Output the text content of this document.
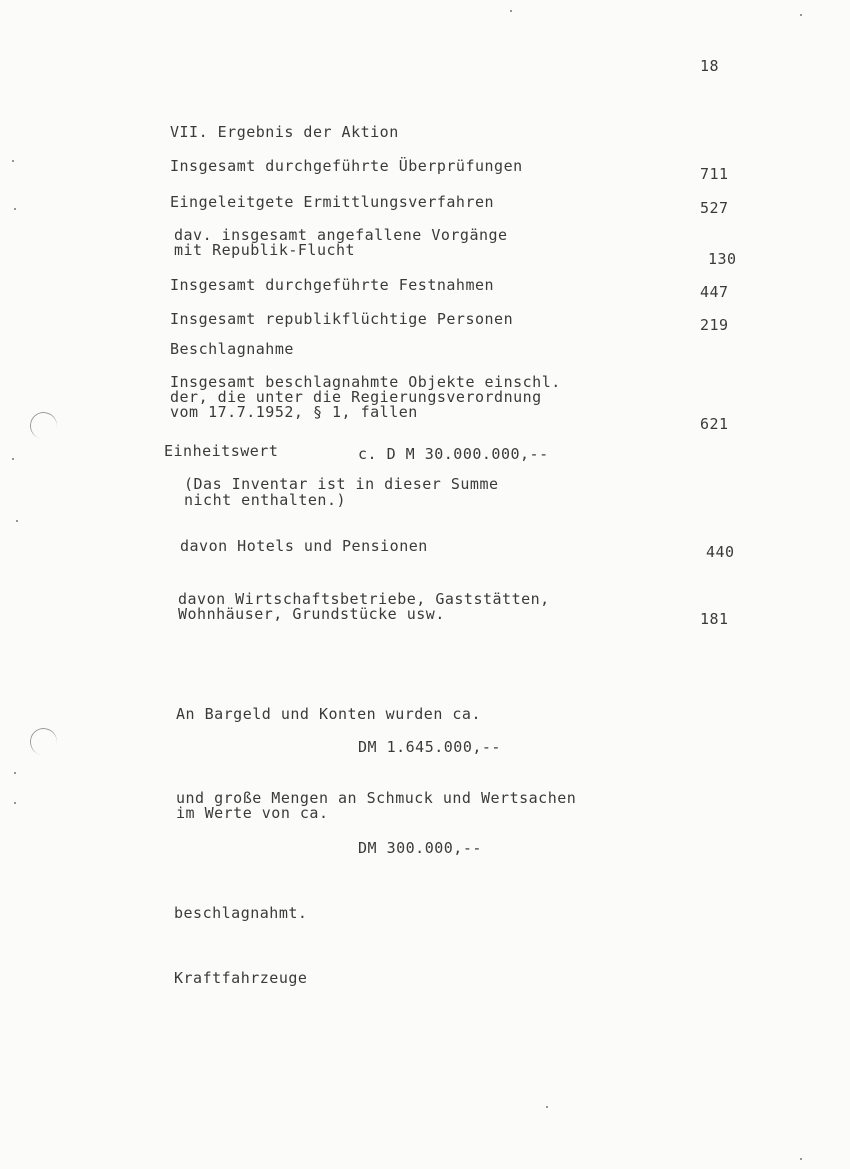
18
VII. Ergebnis der Aktion
Insgesamt durchgeführte Überprüfungen	711
Eingeleitgete Ermittlungsverfahren	527
dav. insgesamt angefallene Vorgänge
mit Republik-Flucht	130
Insgesamt durchgeführte Festnahmen	447
Insgesamt republikflüchtige Personen	219
Beschlagnahme
Insgesamt beschlagnahmte Objekte einschl.
der, die unter die Regierungsverordnung
vom 17.7.1952, § 1, fallen
621
Einheitswert	c. D M 30.000.000,--
(Das Inventar ist in dieser Summe
nicht enthalten.)
davon Hotels und Pensionen	440
davon Wirtschaftsbetriebe, Gaststätten,
Wohnhäuser, Grundstücke usw.	181
An Bargeld und Konten wurden ca.
DM 1.645.000,--
und große Mengen an Schmuck und Wertsachen
im Werte von ca.
DM 300.000,--
beschlagnahmt.
Kraftfahrzeuge
